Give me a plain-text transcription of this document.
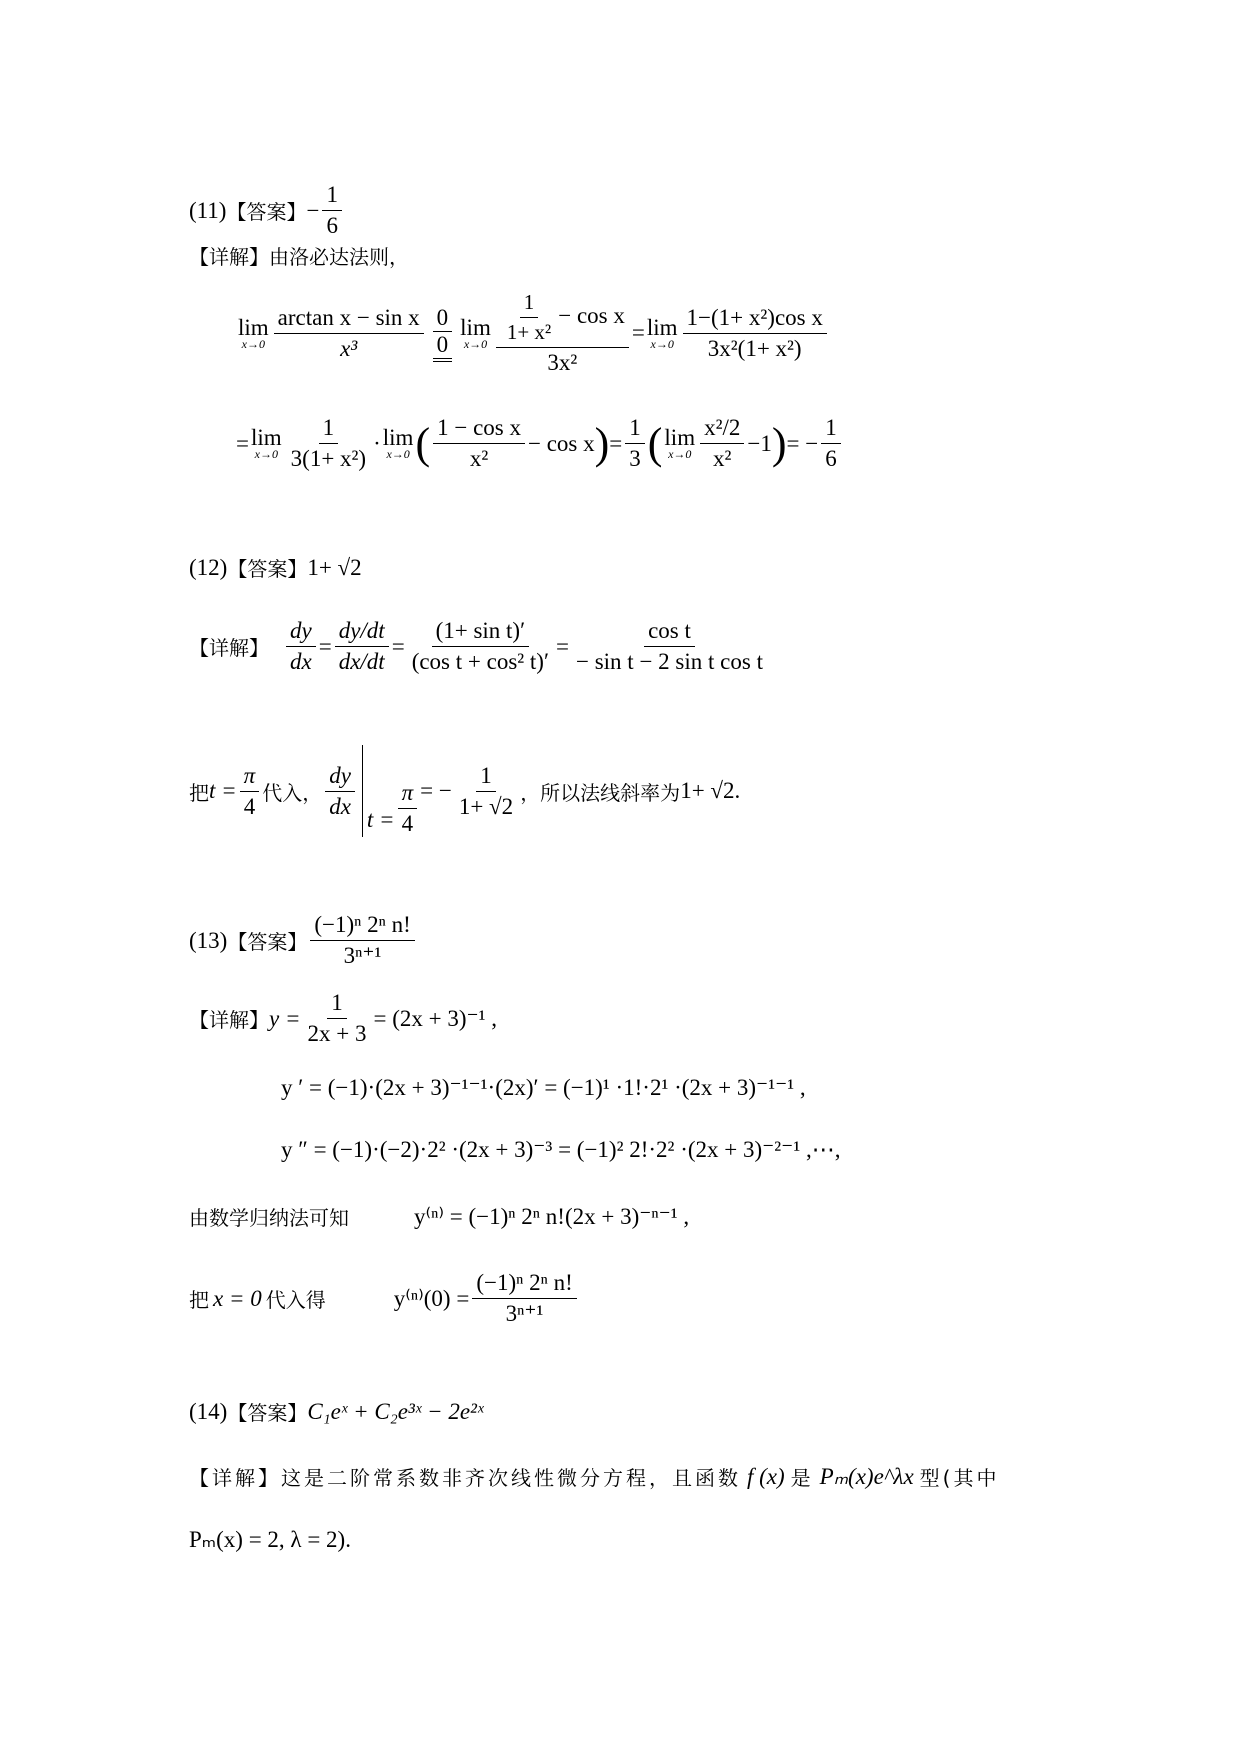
(11) 【答案】 − $\frac{1}{6}$
【详解】由洛必达法则，
lim
$x\to 0 \frac{\text{arctan x − sin x}}{\text{x³}} 0$
0
lim
$x\to 0 \frac{\frac{1}{\text{1+ x²}} - \cos x}{\text{3x²}} = \lim$
$x\to 0 \frac{\text{1−(1+ x²)cos x}}{\text{3x²(1+ x²)}}$
= lim
$x\to 0 \frac{1}{\text{3(1+ x²)}} \cdot \lim$
x→0 ( $\frac{\text{1 − cos x}}{\text{x²}} - \cos x$ ) = $\frac{1}{3}$ ( lim
$x\to 0 \frac{\text{x²/2}}{\text{x²}} -1$ ) = − $\frac{1}{6}$
(12) 【答案】 1+ √2
【详解】 $\frac{dy}{dx} = \frac{dy/dt}{dx/dt} = \frac{\text{(1+ sin t)′}}{\text{(cos t + cos² t)′}} = \frac{\text{cos t}}{\text{− sin t − 2 sin t cos t}}$
把 $t = \frac{\pi}{4}$ 代入， $\frac{dy}{dx}$ $t = \frac{\pi}{4}$ = − $\frac{1}{1+ √2}$ ，所以法线斜率为 1+ √2 .
(13) 【答案】 $\frac{\text{(−1)ⁿ 2ⁿ n!}}{\text{3ⁿ⁺¹}}$
【详解】 $y = \frac{1}{2x + 3} = (2x + 3)^{-1}$ ,
y ′ = (−1)·(2x + 3)⁻¹⁻¹·(2x)′ = (−1)¹ ·1!·2¹ ·(2x + 3)⁻¹⁻¹ ,
y ″ = (−1)·(−2)·2² ·(2x + 3)⁻³ = (−1)² 2!·2² ·(2x + 3)⁻²⁻¹ ,⋯,
由数学归纳法可知	y⁽ⁿ⁾ = (−1)ⁿ 2ⁿ n!(2x + 3)⁻ⁿ⁻¹ ,
把 x = 0 代入得	$y^{(n)}(0) = \frac{\text{(−1)ⁿ 2ⁿ n!}}{\text{3ⁿ⁺¹}}$
(14) 【答案】 C₁eˣ + C₂e³ˣ − 2e²ˣ
【详解】这是二阶常系数非齐次线性微分方程，且函数 f (x) 是 Pₘ(x)e^λx 型(其中
Pₘ(x) = 2, λ = 2).
